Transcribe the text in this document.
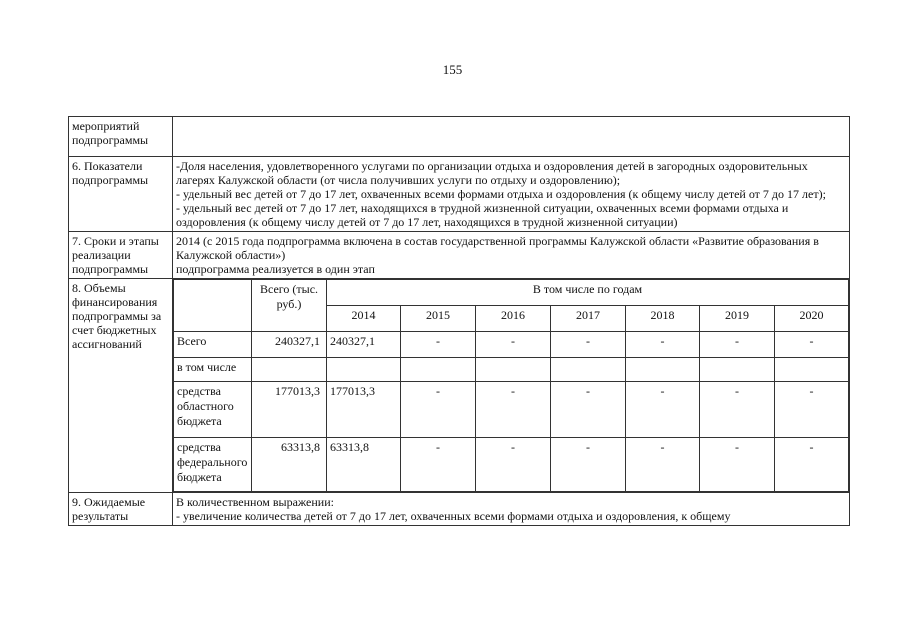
155
мероприятий подпрограммы	
6. Показатели подпрограммы	
-Доля населения, удовлетворенного услугами по организации отдыха и оздоровления детей в загородных оздоровительных лагерях Калужской области (от числа получивших услуги по отдыху и оздоровлению);
- удельный вес детей от 7 до 17 лет, охваченных всеми формами отдыха и оздоровления (к общему числу детей от 7 до 17 лет);
- удельный вес детей от 7 до 17 лет, находящихся в трудной жизненной ситуации, охваченных всеми формами отдыха и оздоровления (к общему числу детей от 7 до 17 лет, находящихся в трудной жизненной ситуации)

7. Сроки и этапы реализации подпрограммы	
2014 (с 2015 года подпрограмма включена в состав государственной программы Калужской области «Развитие образования в Калужской области»)
подпрограмма реализуется в один этап

8. Объемы финансирования подпрограммы за счет бюджетных ассигнований	
	Всего (тыс. руб.)	В том числе по годам
2014	2015	2016	2017	2018	2019	2020
Всего	240327,1	240327,1	-	-	-	-	-	-
в том числе								
средства областного бюджета	177013,3	177013,3	-	-	-	-	-	-
средства федерального бюджета	63313,8	63313,8	-	-	-	-	-	-

9. Ожидаемые результаты	
В количественном выражении:
- увеличение количества детей от 7 до 17 лет, охваченных всеми формами отдыха и оздоровления, к общему
